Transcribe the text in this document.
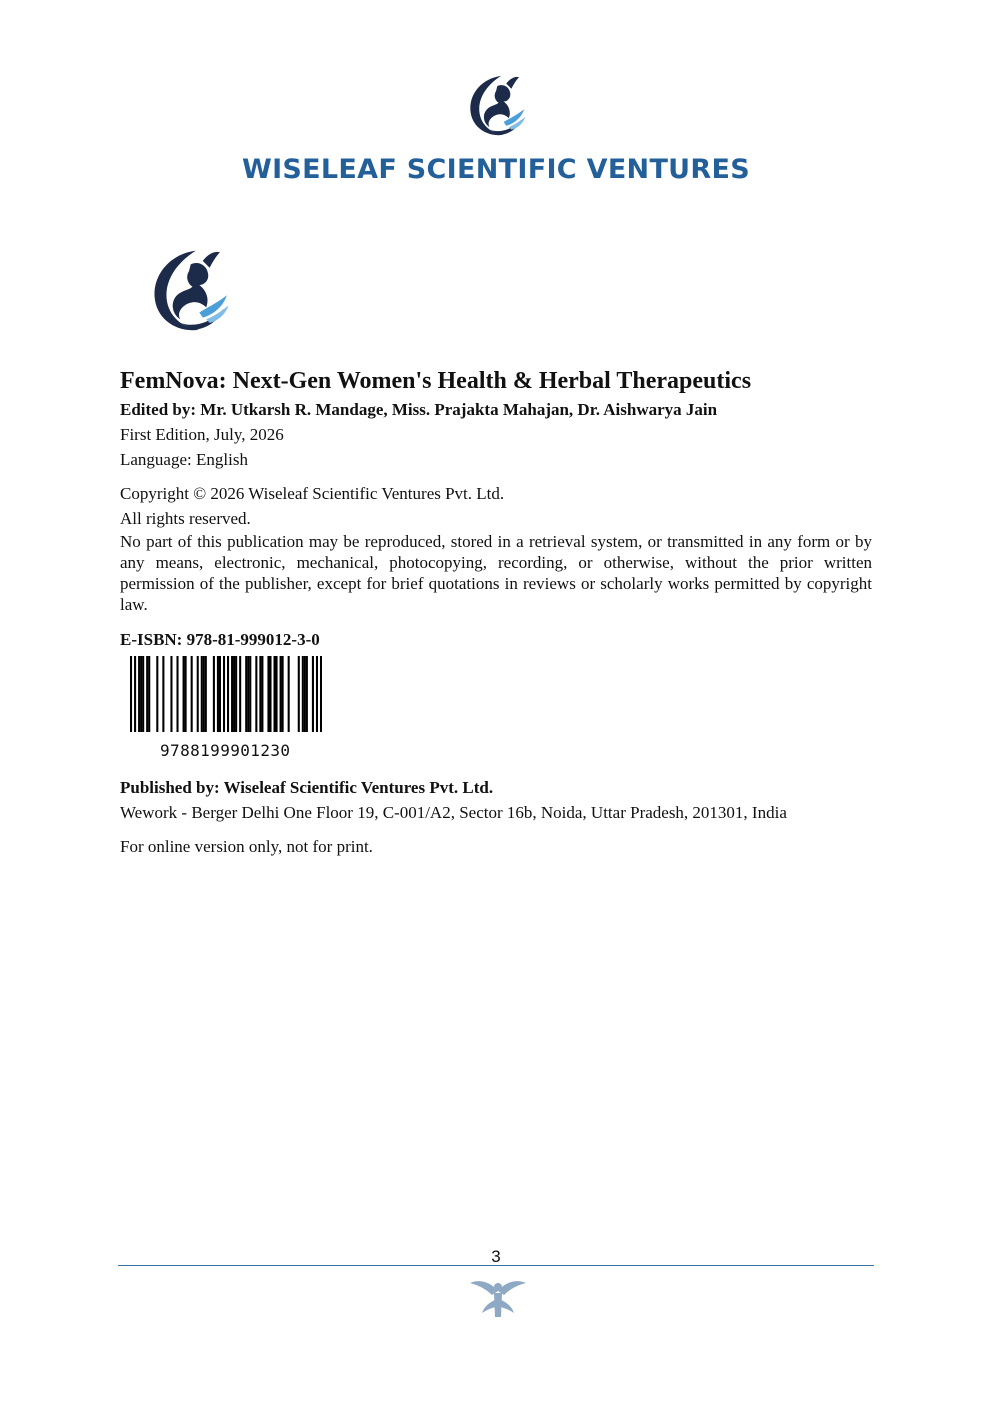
WISELEAF SCIENTIFIC VENTURES
FemNova: Next-Gen Women's Health & Herbal Therapeutics

Edited by: Mr. Utkarsh R. Mandage, Miss. Prajakta Mahajan, Dr. Aishwarya Jain

First Edition, July, 2026

Language: English

Copyright © 2026 Wiseleaf Scientific Ventures Pvt. Ltd.

All rights reserved.

No part of this publication may be reproduced, stored in a retrieval system, or transmitted in any form or by any means, electronic, mechanical, photocopying, recording, or otherwise, without the prior written permission of the publisher, except for brief quotations in reviews or scholarly works permitted by copyright law.

E-ISBN: 978-81-999012-3-0

9788199901230

Published by: Wiseleaf Scientific Ventures Pvt. Ltd.

Wework - Berger Delhi One Floor 19, C-001/A2, Sector 16b, Noida, Uttar Pradesh, 201301, India

For online version only, not for print.

3
